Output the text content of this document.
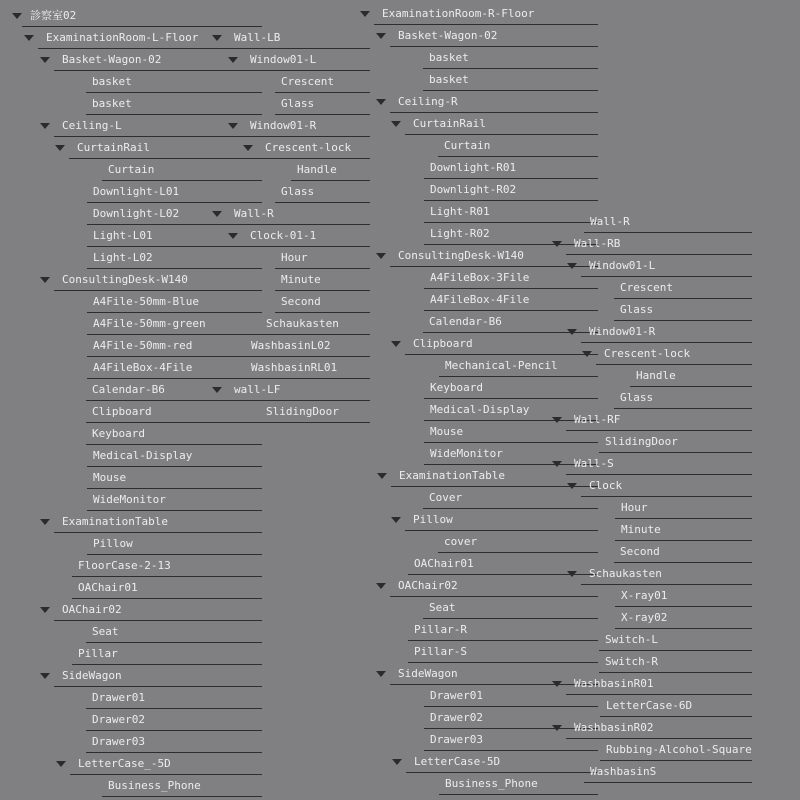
診察室02
ExaminationRoom-L-Floor
Basket-Wagon-02
basket
basket
Ceiling-L
CurtainRail
Curtain
Downlight-L01
Downlight-L02
Light-L01
Light-L02
ConsultingDesk-W140
A4File-50mm-Blue
A4File-50mm-green
A4File-50mm-red
A4FileBox-4File
Calendar-B6
Clipboard
Keyboard
Medical-Display
Mouse
WideMonitor
ExaminationTable
Pillow
FloorCase-2-13
OAChair01
OAChair02
Seat
Pillar
SideWagon
Drawer01
Drawer02
Drawer03
LetterCase_-5D
Business_Phone
Wall-LB
Window01-L
Crescent
Glass
Window01-R
Crescent-lock
Handle
Glass
Wall-R
Clock-01-1
Hour
Minute
Second
Schaukasten
WashbasinL02
WashbasinRL01
wall-LF
SlidingDoor
ExaminationRoom-R-Floor
Basket-Wagon-02
basket
basket
Ceiling-R
CurtainRail
Curtain
Downlight-R01
Downlight-R02
Light-R01
Light-R02
ConsultingDesk-W140
A4FileBox-3File
A4FileBox-4File
Calendar-B6
Clipboard
Mechanical-Pencil
Keyboard
Medical-Display
Mouse
WideMonitor
ExaminationTable
Cover
Pillow
cover
OAChair01
OAChair02
Seat
Pillar-R
Pillar-S
SideWagon
Drawer01
Drawer02
Drawer03
LetterCase-5D
Business_Phone
Wall-R
Wall-RB
Window01-L
Crescent
Glass
Window01-R
Crescent-lock
Handle
Glass
Wall-RF
SlidingDoor
Wall-S
Clock
Hour
Minute
Second
Schaukasten
X-ray01
X-ray02
Switch-L
Switch-R
WashbasinR01
LetterCase-6D
WashbasinR02
Rubbing-Alcohol-Square
WashbasinS
